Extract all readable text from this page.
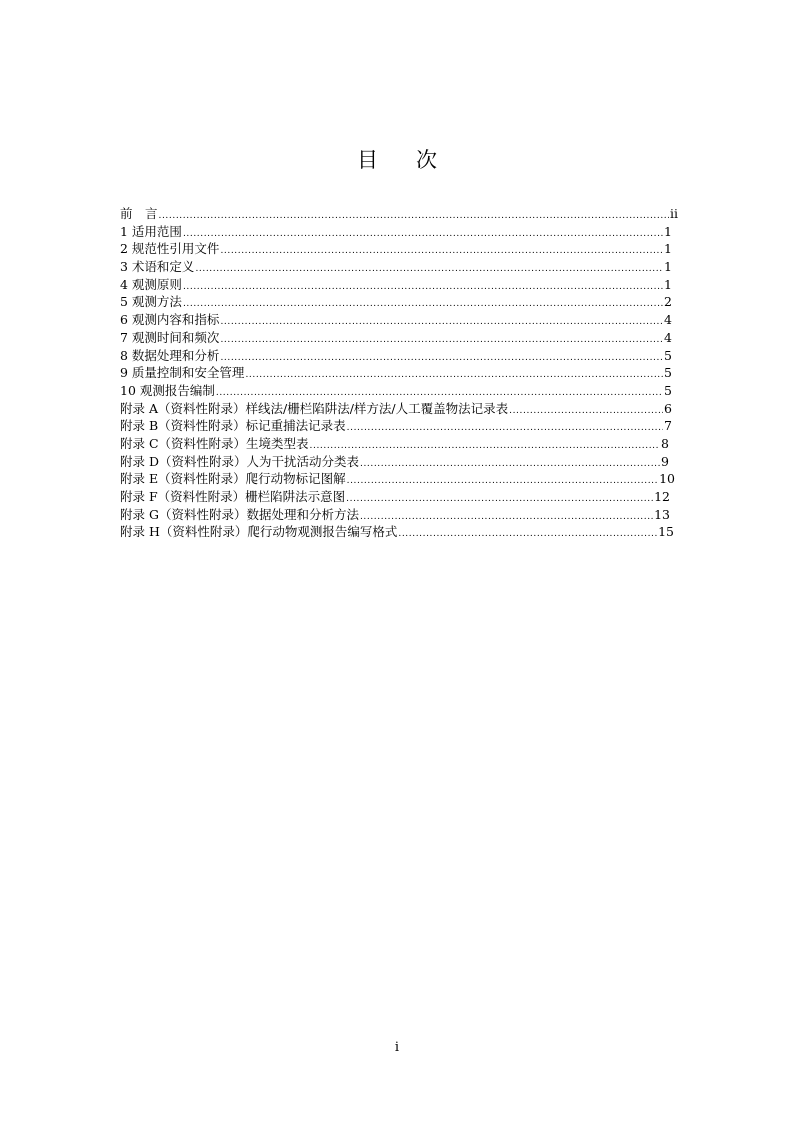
目 次
前　言 .....	ii
1 适用范围 .....	1
2 规范性引用文件 .....	1
3 术语和定义 .....	1
4 观测原则 .....	1
5 观测方法 .....	2
6 观测内容和指标 .....	4
7 观测时间和频次 .....	4
8 数据处理和分析 .....	5
9 质量控制和安全管理 .....	5
10 观测报告编制 .....	5
附录 A（资料性附录）样线法/栅栏陷阱法/样方法/人工覆盖物法记录表 .....	6
附录 B（资料性附录）标记重捕法记录表 .....	7
附录 C（资料性附录）生境类型表 .....	8
附录 D（资料性附录）人为干扰活动分类表 .....	9
附录 E（资料性附录）爬行动物标记图解 .....	10
附录 F（资料性附录）栅栏陷阱法示意图 .....	12
附录 G（资料性附录）数据处理和分析方法 .....	13
附录 H（资料性附录）爬行动物观测报告编写格式 .....	15
i
